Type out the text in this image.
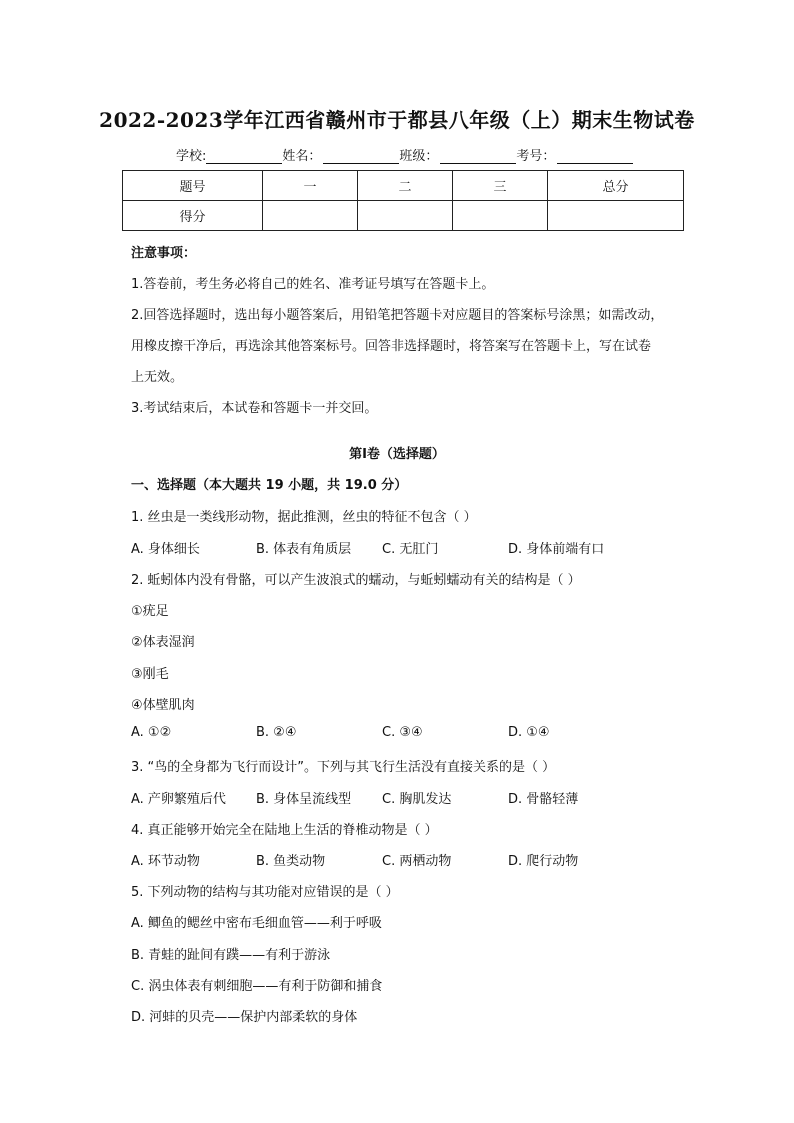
2022-2023学年江西省赣州市于都县八年级（上）期末生物试卷
学校:	姓名：	班级：	考号：
题号	一	二	三	总分
得分				
注意事项：
1.答卷前，考生务必将自己的姓名、准考证号填写在答题卡上。
2.回答选择题时，选出每小题答案后，用铅笔把答题卡对应题目的答案标号涂黑；如需改动，
用橡皮擦干净后，再选涂其他答案标号。回答非选择题时，将答案写在答题卡上，写在试卷
上无效。
3.考试结束后，本试卷和答题卡一并交回。
第Ⅰ卷（选择题）
一、选择题（本大题共 19 小题，共 19.0 分）
1. 丝虫是一类线形动物，据此推测，丝虫的特征不包含（ ）
A. 身体细长	B. 体表有角质层 C. 无肛门	D. 身体前端有口
2. 蚯蚓体内没有骨骼，可以产生波浪式的蠕动，与蚯蚓蠕动有关的结构是（ ）
①疣足
②体表湿润
③刚毛
④体壁肌肉
A. ①②	B. ②④	C. ③④	D. ①④
3. “鸟的全身都为飞行而设计”。下列与其飞行生活没有直接关系的是（ ）
A. 产卵繁殖后代 B. 身体呈流线型 C. 胸肌发达	D. 骨骼轻薄
4. 真正能够开始完全在陆地上生活的脊椎动物是（ ）
A. 环节动物	B. 鱼类动物	C. 两栖动物	D. 爬行动物
5. 下列动物的结构与其功能对应错误的是（ ）
A. 鲫鱼的鳃丝中密布毛细血管——利于呼吸
B. 青蛙的趾间有蹼——有利于游泳
C. 涡虫体表有刺细胞——有利于防御和捕食
D. 河蚌的贝壳——保护内部柔软的身体
